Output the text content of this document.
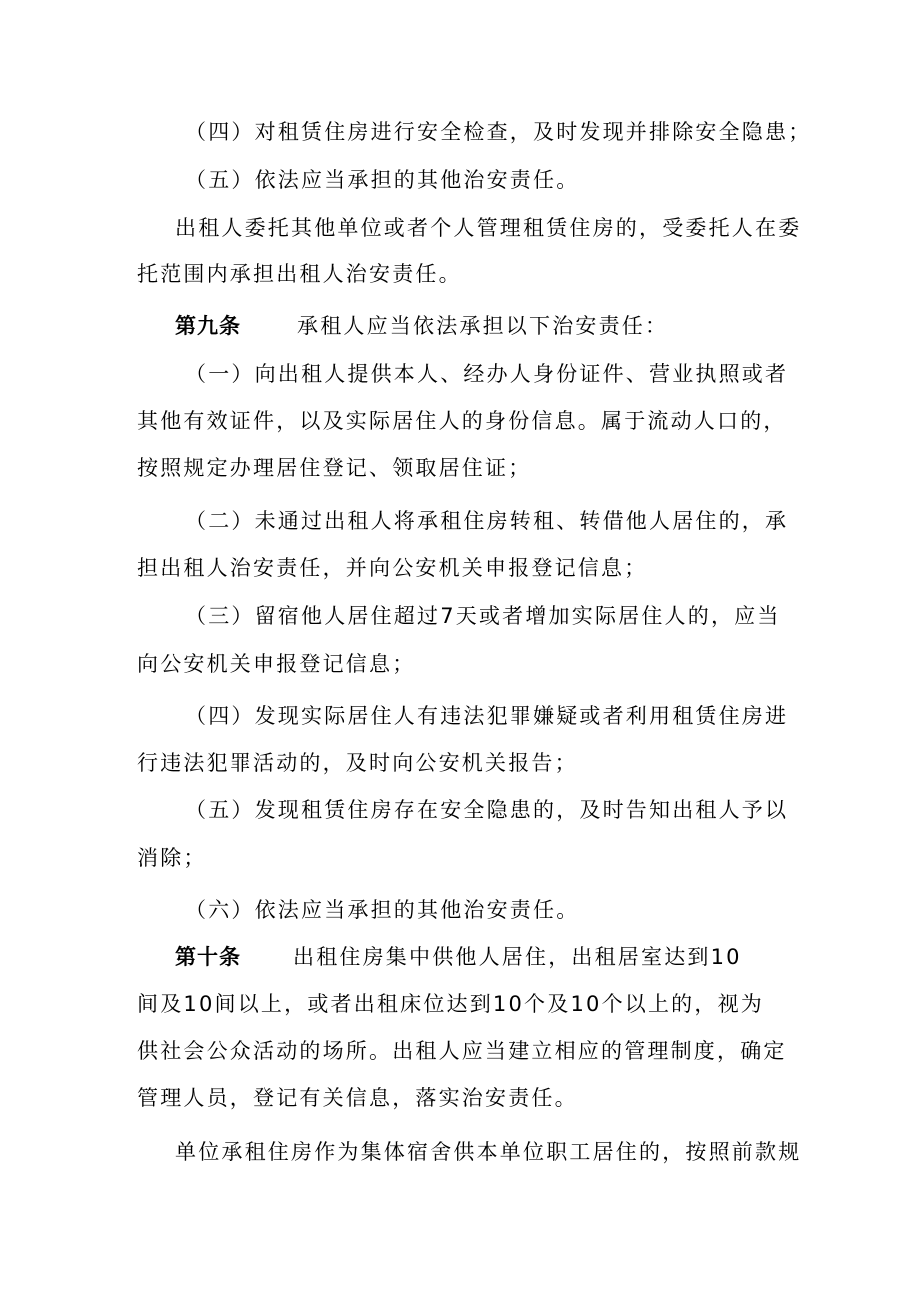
（四）对租赁住房进行安全检查，及时发现并排除安全隐患；
（五）依法应当承担的其他治安责任。
出租人委托其他单位或者个人管理租赁住房的，受委托人在委
托范围内承担出租人治安责任。
第九条	承租人应当依法承担以下治安责任：
（一）向出租人提供本人、经办人身份证件、营业执照或者
其他有效证件，以及实际居住人的身份信息。属于流动人口的，
按照规定办理居住登记、领取居住证；
（二）未通过出租人将承租住房转租、转借他人居住的，承
担出租人治安责任，并向公安机关申报登记信息；
（三）留宿他人居住超过7天或者增加实际居住人的，应当
向公安机关申报登记信息；
（四）发现实际居住人有违法犯罪嫌疑或者利用租赁住房进
行违法犯罪活动的，及时向公安机关报告；
（五）发现租赁住房存在安全隐患的，及时告知出租人予以
消除；
（六）依法应当承担的其他治安责任。
第十条 出租住房集中供他人居住，出租居室达到10
间及10间以上，或者出租床位达到10个及10个以上的，视为
供社会公众活动的场所。出租人应当建立相应的管理制度，确定
管理人员，登记有关信息，落实治安责任。
单位承租住房作为集体宿舍供本单位职工居住的，按照前款规
